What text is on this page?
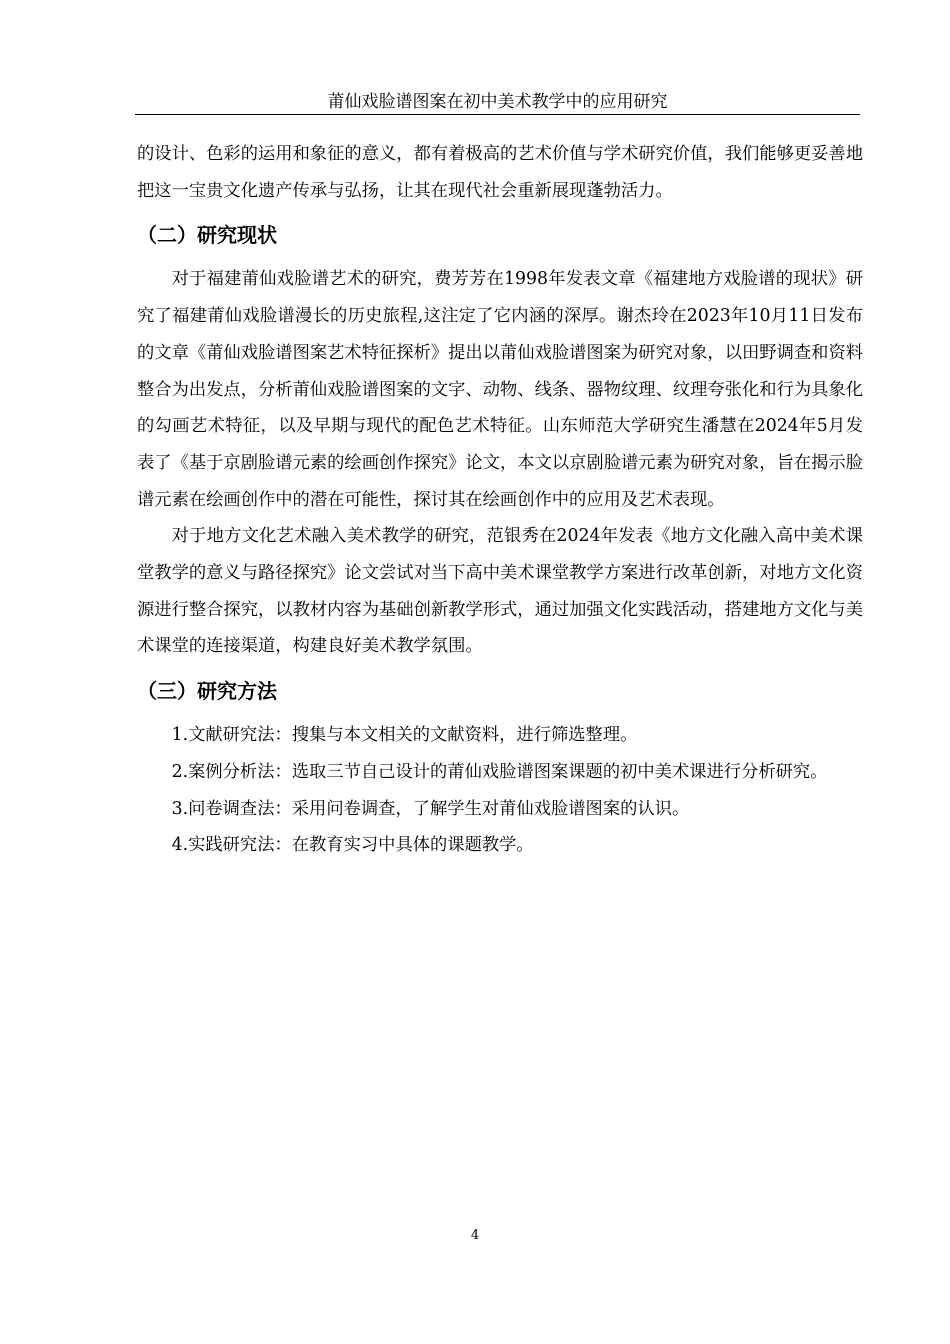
莆仙戏脸谱图案在初中美术教学中的应用研究

的设计、色彩的运用和象征的意义，都有着极高的艺术价值与学术研究价值，我们能够更妥善地把这一宝贵文化遗产传承与弘扬，让其在现代社会重新展现蓬勃活力。

（二）研究现状

对于福建莆仙戏脸谱艺术的研究，费芳芳在1998年发表文章《福建地方戏脸谱的现状》研究了福建莆仙戏脸谱漫长的历史旅程,这注定了它内涵的深厚。谢杰玲在2023年10月11日发布的文章《莆仙戏脸谱图案艺术特征探析》提出以莆仙戏脸谱图案为研究对象，以田野调查和资料整合为出发点，分析莆仙戏脸谱图案的文字、动物、线条、器物纹理、纹理夸张化和行为具象化的勾画艺术特征，以及早期与现代的配色艺术特征。山东师范大学研究生潘慧在2024年5月发表了《基于京剧脸谱元素的绘画创作探究》论文，本文以京剧脸谱元素为研究对象，旨在揭示脸谱元素在绘画创作中的潜在可能性，探讨其在绘画创作中的应用及艺术表现。

对于地方文化艺术融入美术教学的研究，范银秀在2024年发表《地方文化融入高中美术课堂教学的意义与路径探究》论文尝试对当下高中美术课堂教学方案进行改革创新，对地方文化资源进行整合探究，以教材内容为基础创新教学形式，通过加强文化实践活动，搭建地方文化与美术课堂的连接渠道，构建良好美术教学氛围。

（三）研究方法

1.文献研究法：搜集与本文相关的文献资料，进行筛选整理。

2.案例分析法：选取三节自己设计的莆仙戏脸谱图案课题的初中美术课进行分析研究。

3.问卷调查法：采用问卷调查，了解学生对莆仙戏脸谱图案的认识。

4.实践研究法：在教育实习中具体的课题教学。

4
